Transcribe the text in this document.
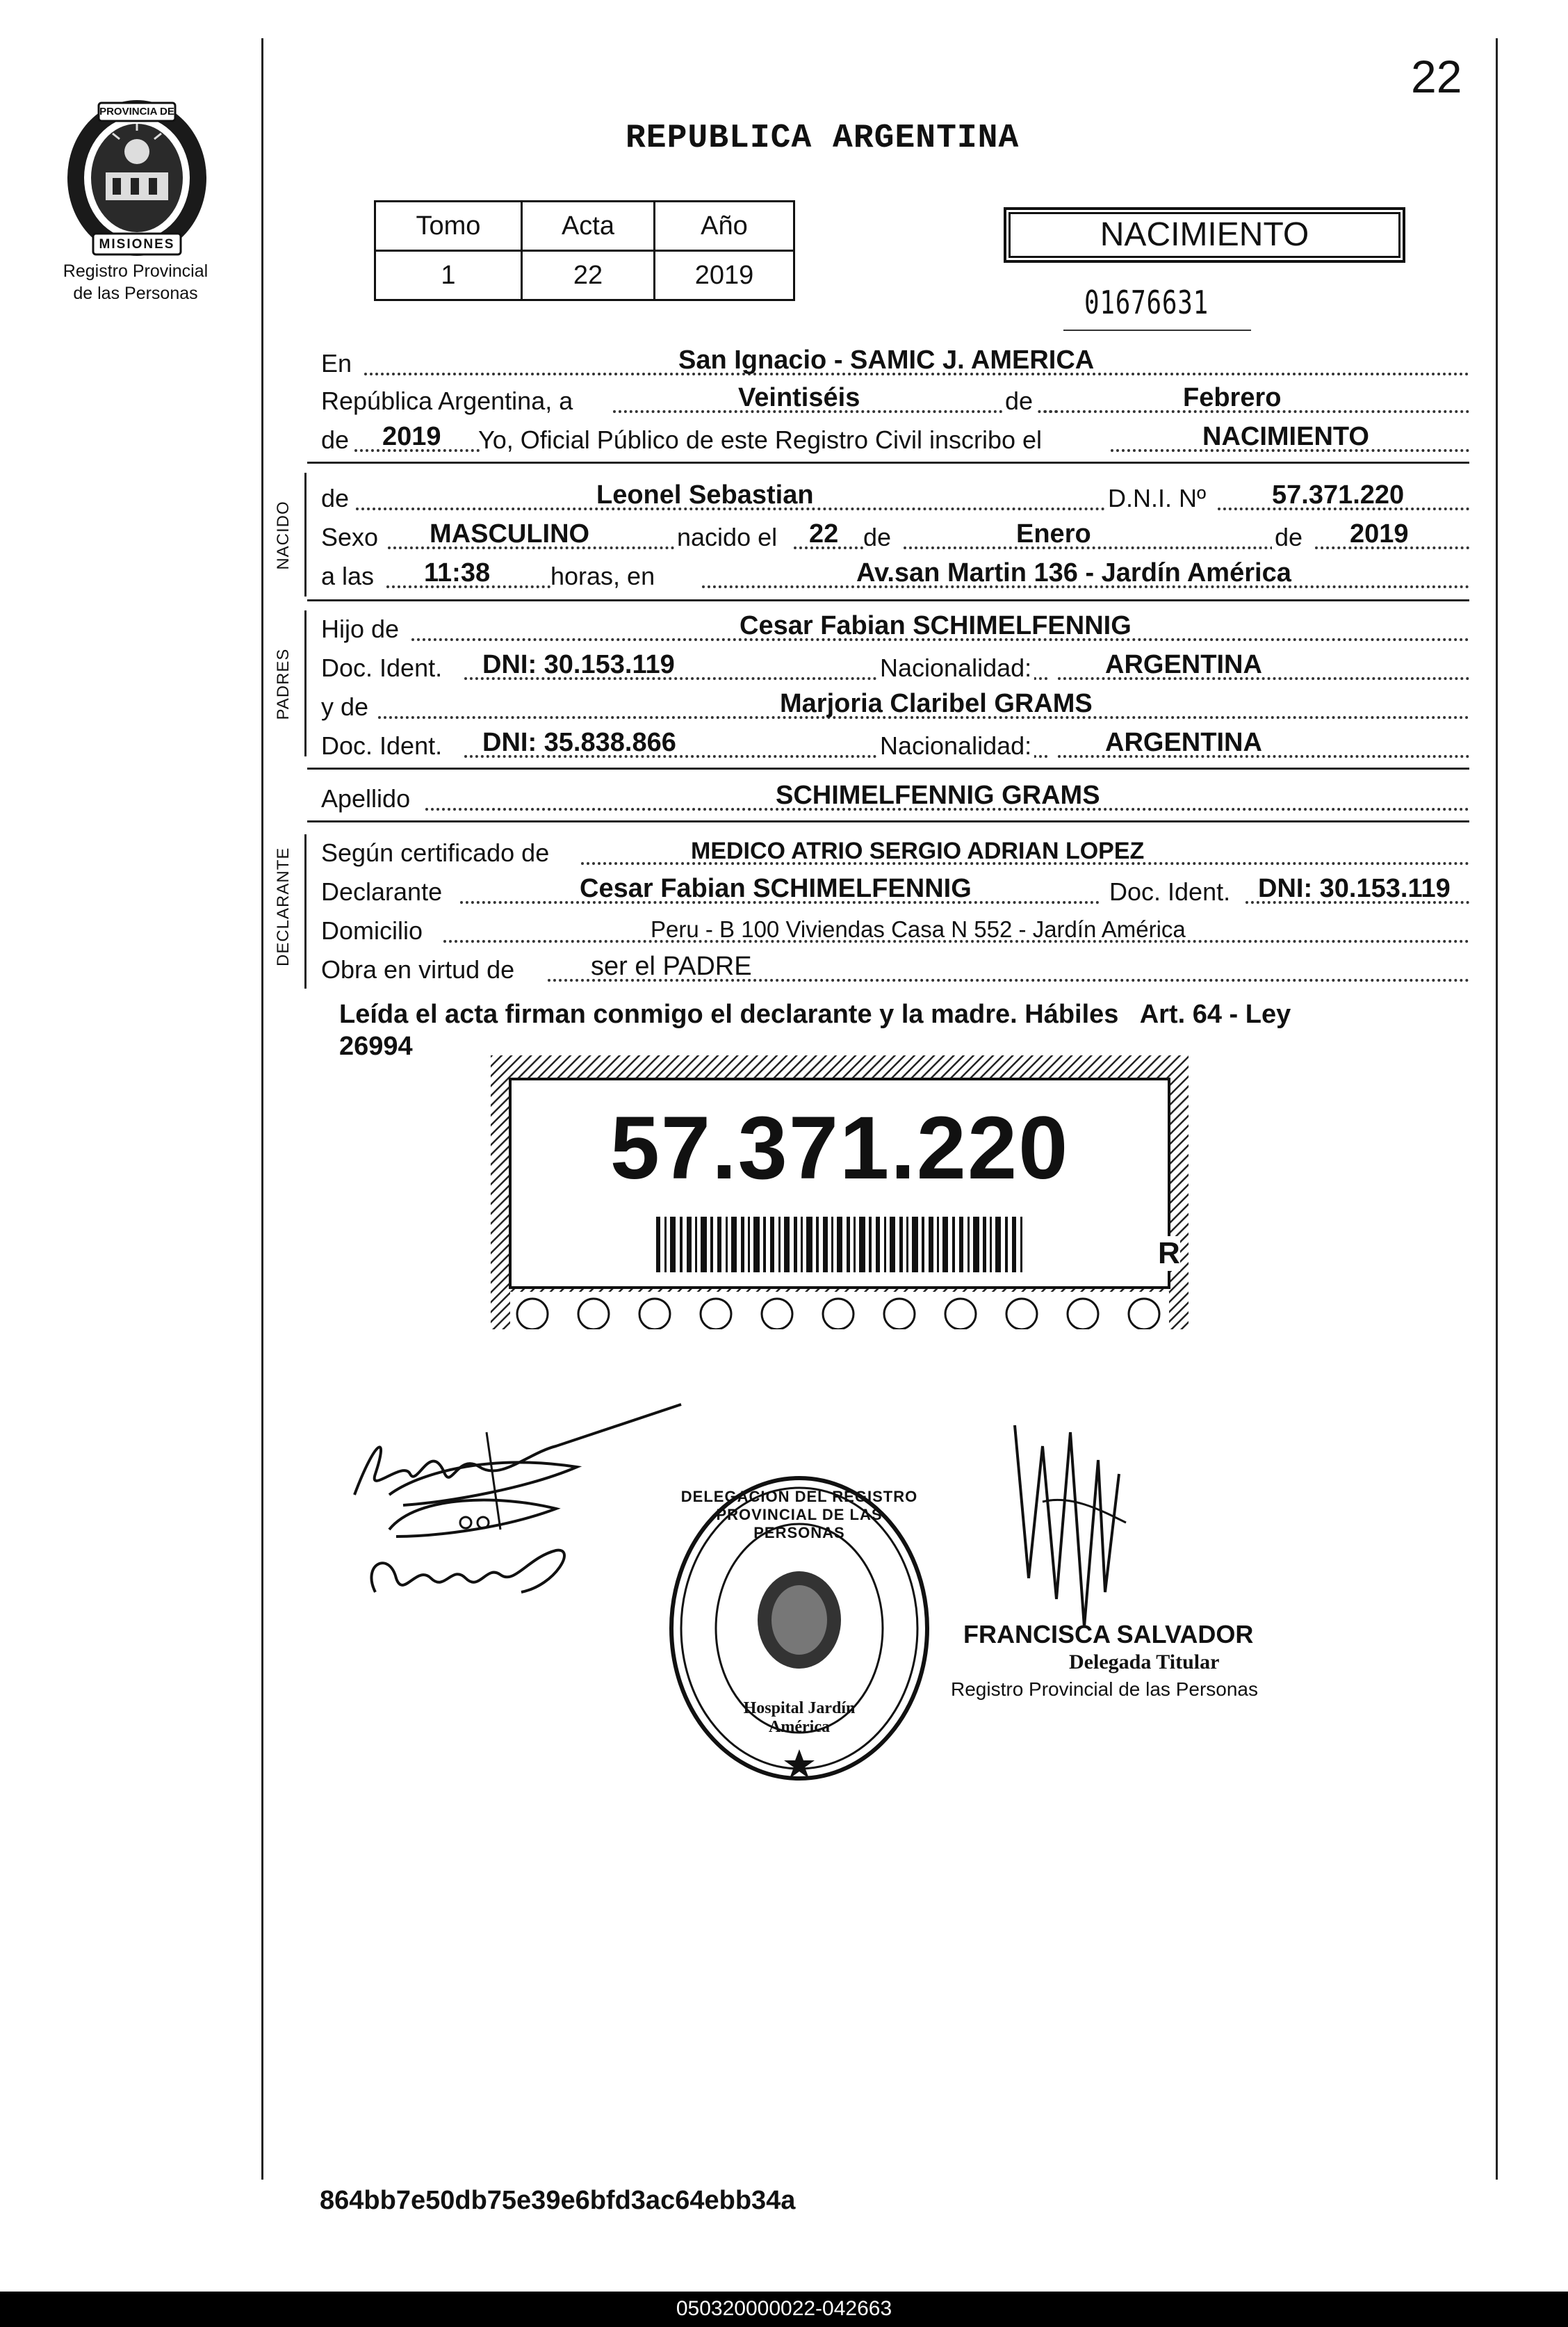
22
PROVINCIA DE
MISIONES
Registro Provincial
de las Personas
REPUBLICA ARGENTINA
Tomo	Acta	Año
1	22	2019
NACIMIENTO
01676631
En	San Ignacio - SAMIC J. AMERICA
República Argentina, a	Veintiséis	de	Febrero
de 2019 Yo, Oficial Público de este Registro Civil inscribo el	NACIMIENTO
NACIDO
de	Leonel Sebastian	D.N.I. Nº 57.371.220
Sexo MASCULINO	nacido el 22 de	Enero	de 2019
a las 11:38 horas, en	Av.san Martin 136 - Jardín América
PADRES
Hijo de	Cesar Fabian SCHIMELFENNIG
Doc. Ident. DNI: 30.153.119	Nacionalidad:	ARGENTINA
y de	Marjoria Claribel GRAMS
Doc. Ident. DNI: 35.838.866	Nacionalidad:	ARGENTINA
Apellido	SCHIMELFENNIG GRAMS
DECLARANTE Según certificado de	MEDICO ATRIO SERGIO ADRIAN LOPEZ
Declarante	Cesar Fabian SCHIMELFENNIG	Doc. Ident. DNI: 30.153.119
Domicilio	Peru - B 100 Viviendas Casa N 552 - Jardín América
Obra en virtud de	ser el PADRE
Leída el acta firman conmigo el declarante y la madre. Hábiles   Art. 64 - Ley
26994
57.371.220
R
DELEGACION DEL REGISTRO PROVINCIAL DE LAS PERSONAS
Hospital Jardín América
FRANCISCA SALVADOR
Delegada Titular
Registro Provincial de las Personas
864bb7e50db75e39e6bfd3ac64ebb34a
050320000022-042663
